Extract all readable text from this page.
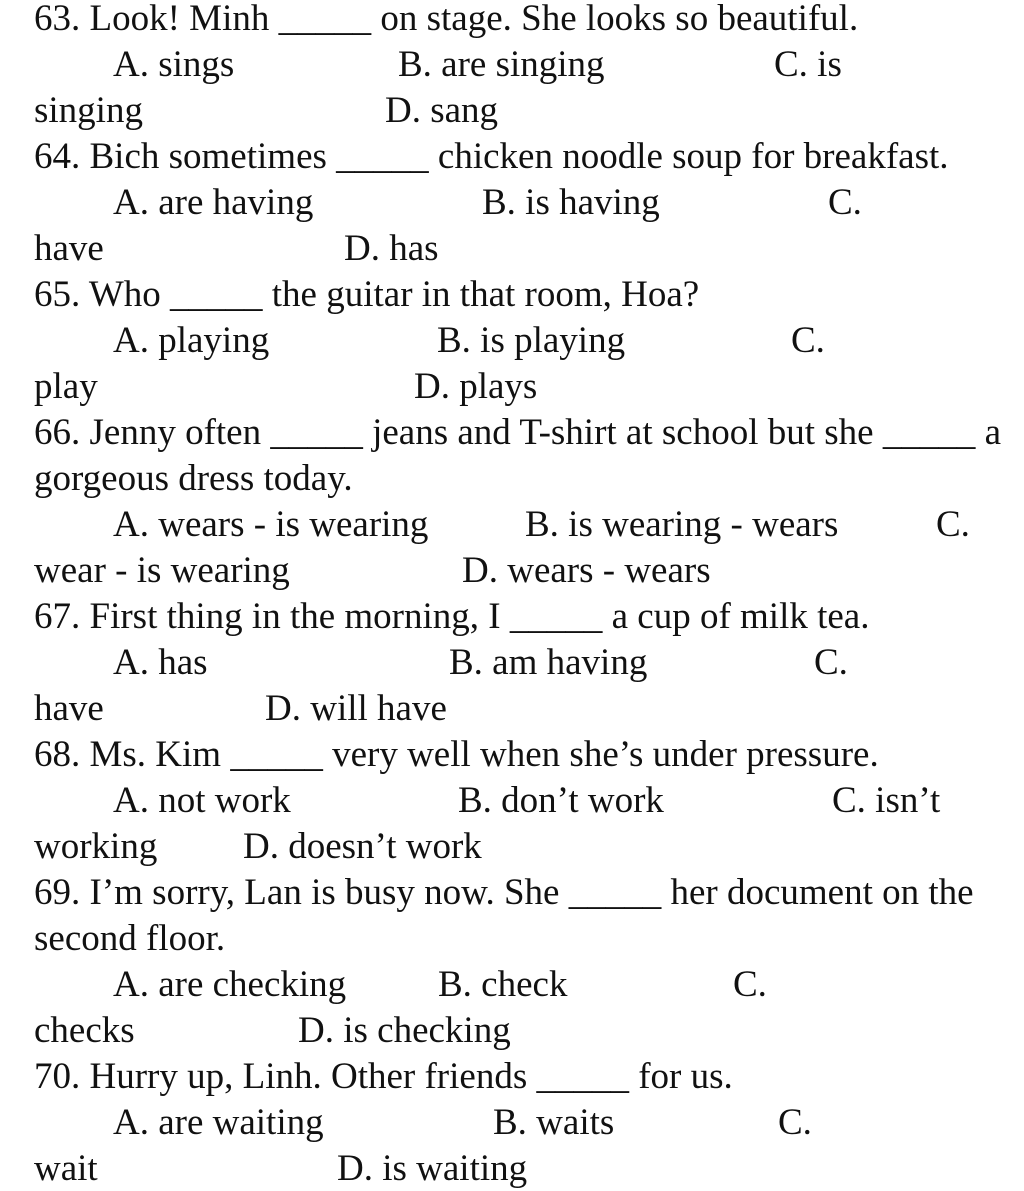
63. Look! Minh _____ on stage. She looks so beautiful.
A. sings	B. are singing	C. is
singing	D. sang
64. Bich sometimes _____ chicken noodle soup for breakfast.
A. are having	B. is having	C.
have	D. has
65. Who _____ the guitar in that room, Hoa?
A. playing	B. is playing	C.
play	D. plays
66. Jenny often _____ jeans and T-shirt at school but she _____ a
gorgeous dress today.
A. wears - is wearing	B. is wearing - wears	C.
wear - is wearing	D. wears - wears
67. First thing in the morning, I _____ a cup of milk tea.
A. has	B. am having	C.
have	D. will have
68. Ms. Kim _____ very well when she’s under pressure.
A. not work	B. don’t work	C. isn’t
working D. doesn’t work
69. I’m sorry, Lan is busy now. She _____ her document on the
second floor.
A. are checking B. check	C.
checks	D. is checking
70. Hurry up, Linh. Other friends _____ for us.
A. are waiting	B. waits	C.
wait	D. is waiting
